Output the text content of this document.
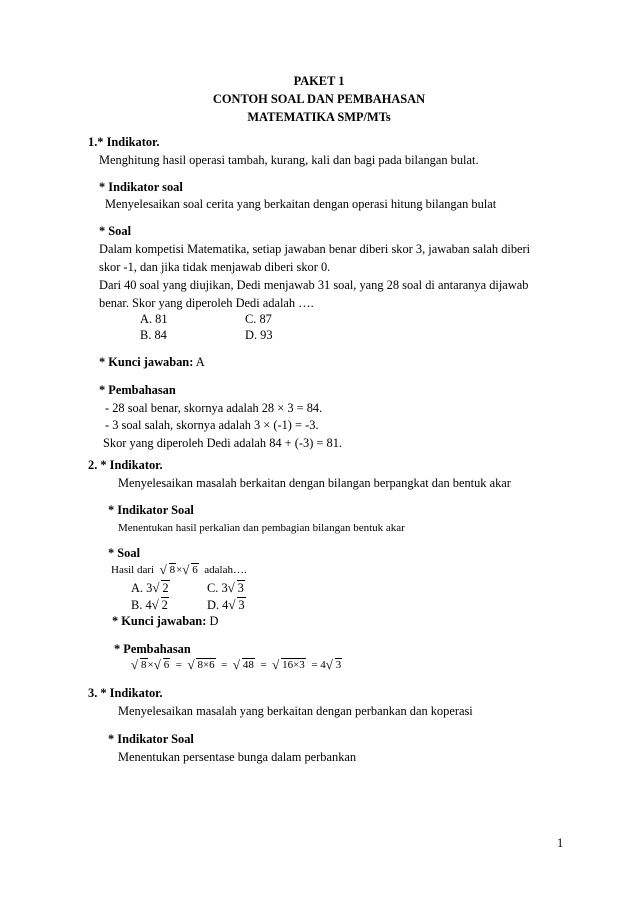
PAKET 1
CONTOH SOAL DAN PEMBAHASAN
MATEMATIKA SMP/MTs
1.* Indikator.
Menghitung hasil operasi tambah, kurang, kali dan bagi pada bilangan bulat.
* Indikator soal
Menyelesaikan soal cerita yang berkaitan dengan operasi hitung bilangan bulat
* Soal
Dalam kompetisi Matematika, setiap jawaban benar diberi skor 3, jawaban salah diberi
skor -1, dan jika tidak menjawab diberi skor 0.
Dari 40 soal yang diujikan, Dedi menjawab 31 soal, yang 28 soal di antaranya dijawab
benar. Skor yang diperoleh Dedi adalah ….
A. 81	C. 87
B. 84	D. 93
* Kunci jawaban: A
* Pembahasan
- 28 soal benar, skornya adalah 28 × 3 = 84.
- 3 soal salah, skornya adalah 3 × (-1) = -3.
Skor yang diperoleh Dedi adalah 84 + (-3) = 81.
2. * Indikator.
Menyelesaikan masalah berkaitan dengan bilangan berpangkat dan bentuk akar
* Indikator Soal
Menentukan hasil perkalian dan pembagian bilangan bentuk akar
* Soal
Hasil dari √ 8× √ 6 adalah….
A. 3 √ 2	C. 3 √ 3
B. 4 √ 2	D. 4 √ 3
* Kunci jawaban: D
* Pembahasan
√ 8× √ 6 = √ 8×6 = √ 48 = √ 16×3 = 4 √ 3
3. * Indikator.
Menyelesaikan masalah yang berkaitan dengan perbankan dan koperasi
* Indikator Soal
Menentukan persentase bunga dalam perbankan
1
